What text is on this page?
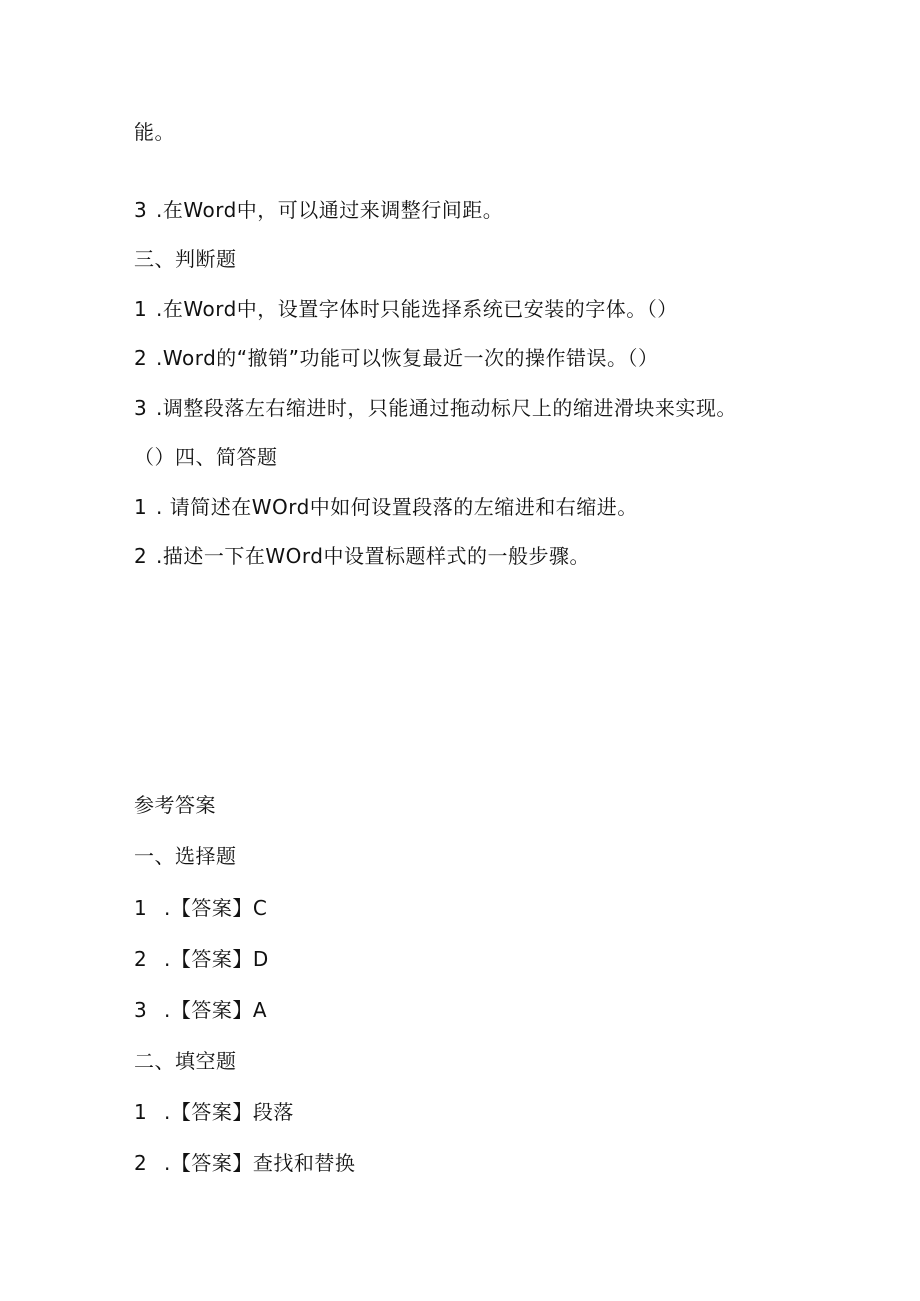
能。
3 .在Word中，可以通过来调整行间距。
三、判断题
1 .在Word中，设置字体时只能选择系统已安装的字体。（）
2 .Word的“撤销”功能可以恢复最近一次的操作错误。（）
3 .调整段落左右缩进时，只能通过拖动标尺上的缩进滑块来实现。
（）四、简答题
1 . 请简述在WOrd中如何设置段落的左缩进和右缩进。
2 .描述一下在WOrd中设置标题样式的一般步骤。
参考答案
一、选择题
1 .【答案】C
2 .【答案】D
3 .【答案】A
二、填空题
1 .【答案】段落
2 .【答案】查找和替换
